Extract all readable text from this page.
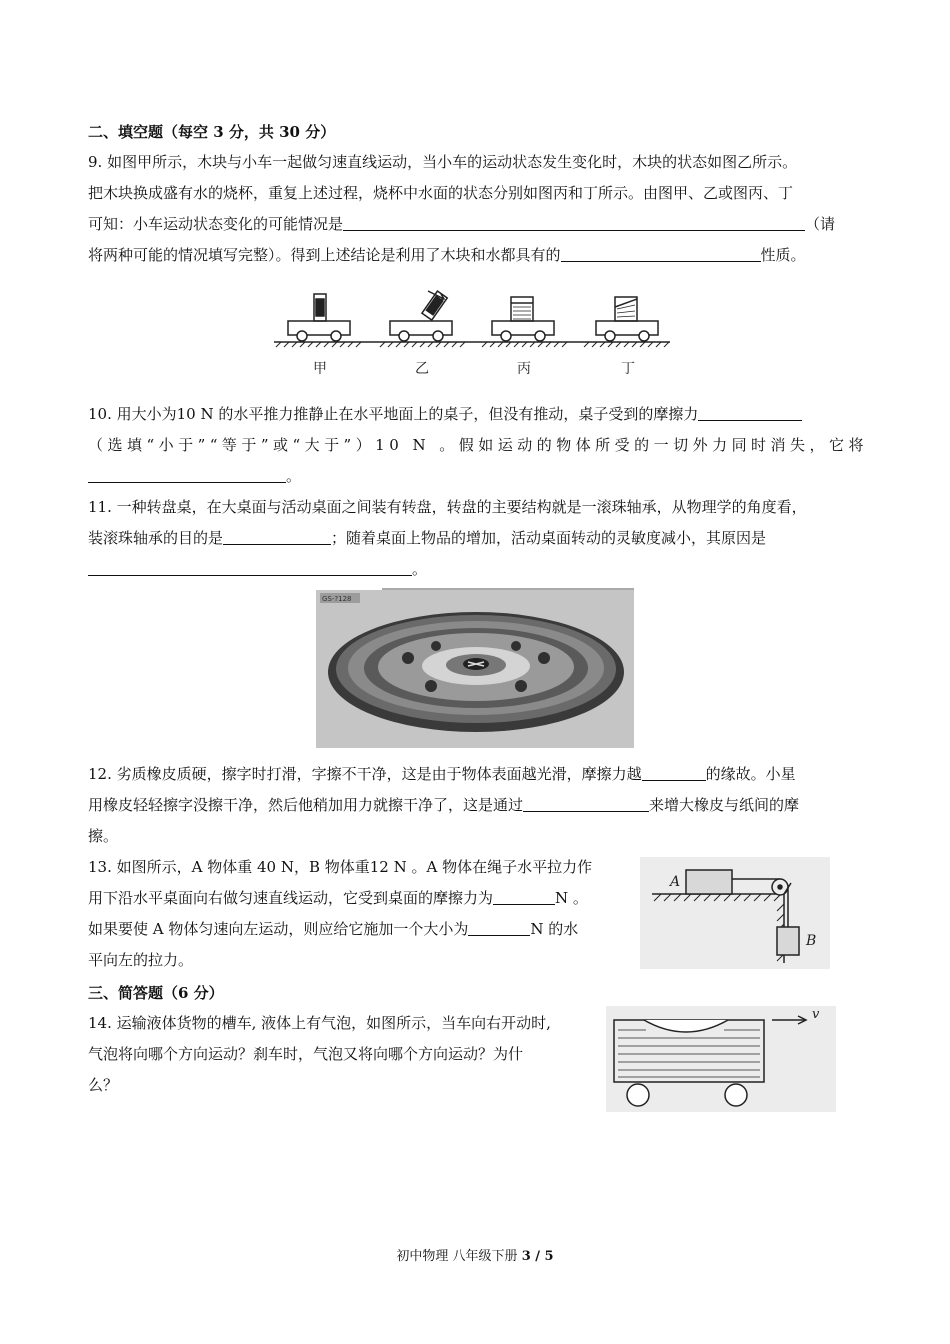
二、填空题（每空 3 分，共 30 分）
9. 如图甲所示，木块与小车一起做匀速直线运动，当小车的运动状态发生变化时，木块的状态如图乙所示。
把木块换成盛有水的烧杯，重复上述过程，烧杯中水面的状态分别如图丙和丁所示。由图甲、乙或图丙、丁
可知：小车运动状态变化的可能情况是	（请
将两种可能的情况填写完整）。得到上述结论是利用了木块和水都具有的	性质。
甲	乙	丙	丁
10. 用大小为10 N 的水平推力推静止在水平地面上的桌子，但没有推动，桌子受到的摩擦力
（ 选 填 “ 小 于 ” “ 等 于 ” 或 “ 大 于 ” ） 1 0
N
。 假 如 运 动 的 物 体 所 受 的 一 切 外 力 同 时 消 失 ， 它 将
。
11. 一种转盘桌，在大桌面与活动桌面之间装有转盘，转盘的主要结构就是一滚珠轴承，从物理学的角度看，
装滚珠轴承的目的是	；随着桌面上物品的增加，活动桌面转动的灵敏度减小，其原因是
。
GS-?128
12. 劣质橡皮质硬，擦字时打滑，字擦不干净，这是由于物体表面越光滑，摩擦力越	的缘故。小星
用橡皮轻轻擦字没擦干净，然后他稍加用力就擦干净了，这是通过	来增大橡皮与纸间的摩
擦。
13. 如图所示，A 物体重 40 N，B 物体重12 N 。A 物体在绳子水平拉力作
用下沿水平桌面向右做匀速直线运动，它受到桌面的摩擦力为	N 。
如果要使 A 物体匀速向左运动，则应给它施加一个大小为	N 的水
平向左的拉力。
A
B
三、简答题（6 分）
14. 运输液体货物的槽车, 液体上有气泡，如图所示，当车向右开动时,
气泡将向哪个方向运动？刹车时，气泡又将向哪个方向运动？为什
么？
v
初中物理 八年级下册 3 / 5
